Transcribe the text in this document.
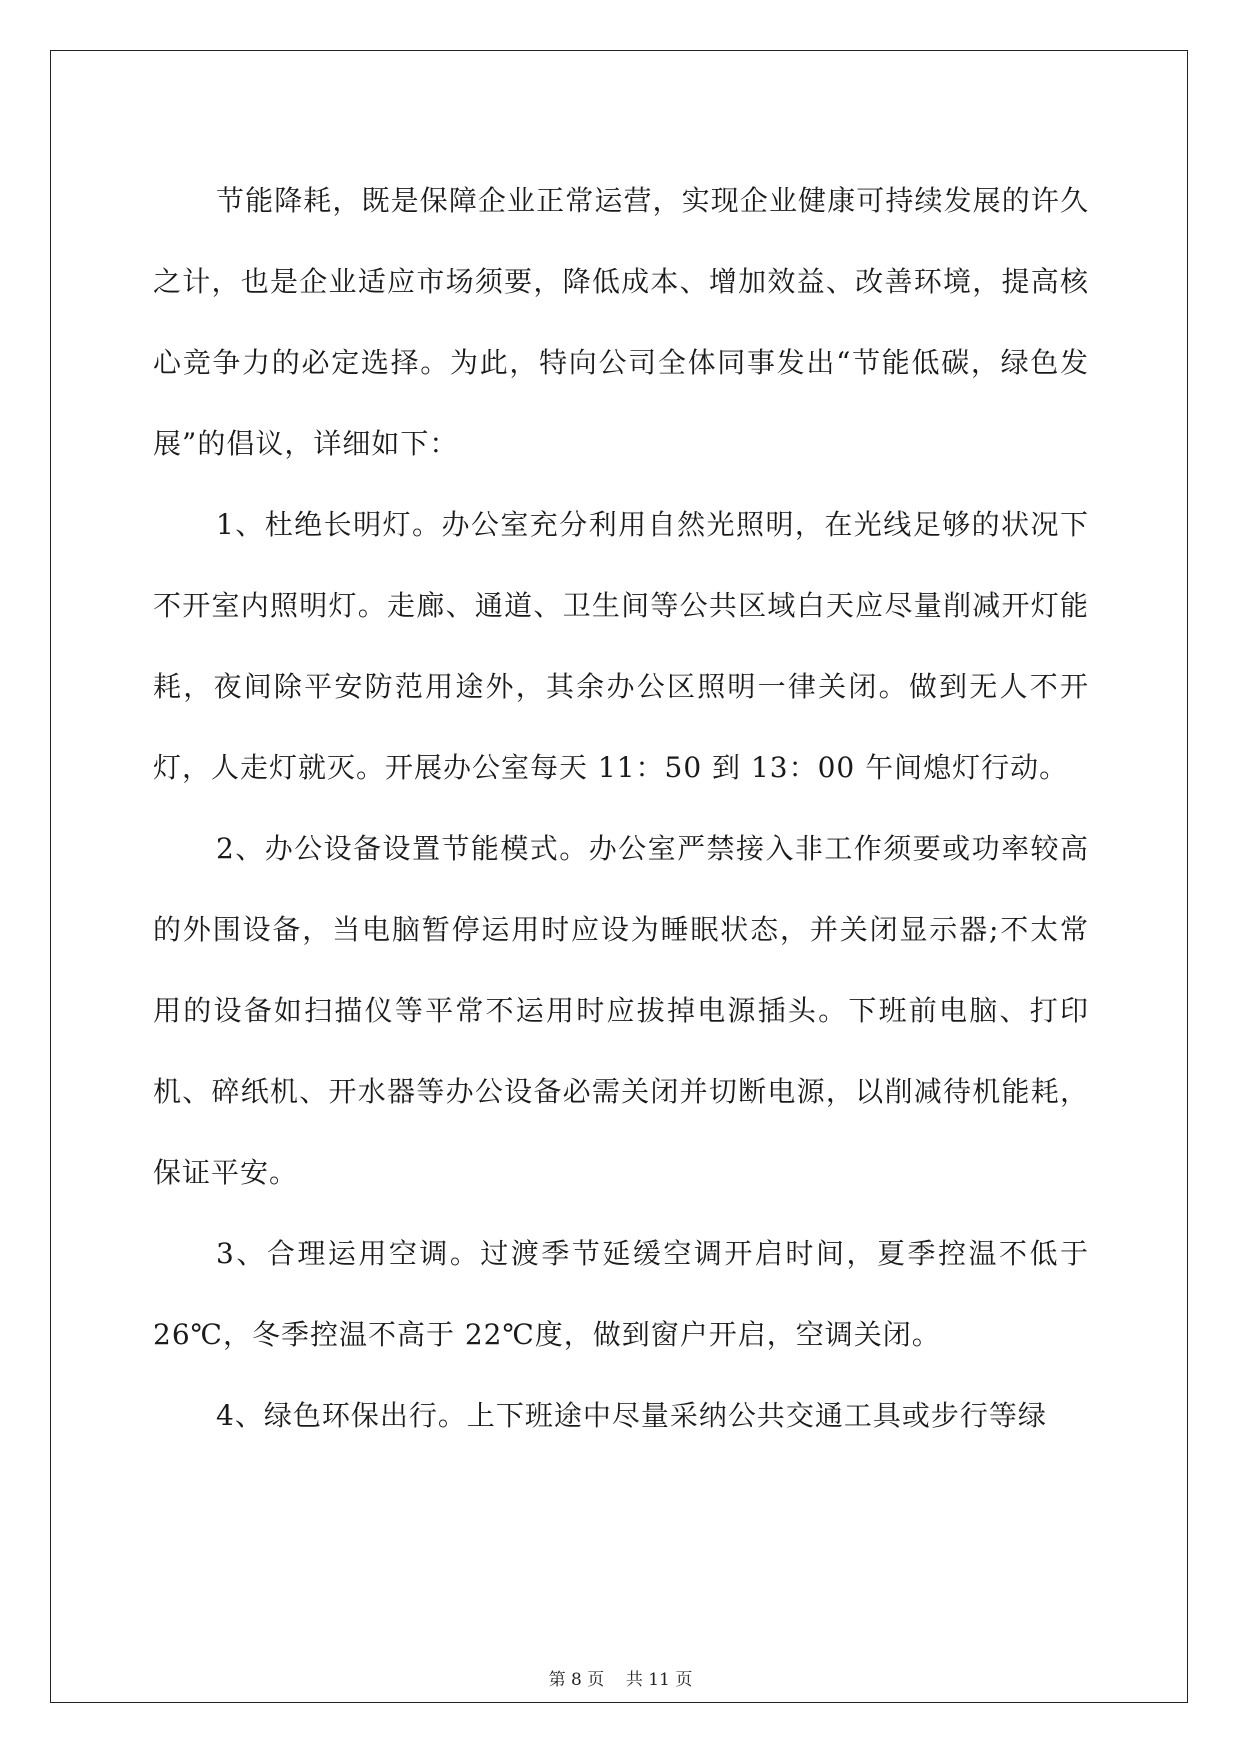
节能降耗，既是保障企业正常运营，实现企业健康可持续发展的许久之计，也是企业适应市场须要，降低成本、增加效益、改善环境，提高核心竞争力的必定选择。为此，特向公司全体同事发出“节能低碳，绿色发展”的倡议，详细如下：

1、杜绝长明灯。办公室充分利用自然光照明，在光线足够的状况下不开室内照明灯。走廊、通道、卫生间等公共区域白天应尽量削减开灯能耗，夜间除平安防范用途外，其余办公区照明一律关闭。做到无人不开灯，人走灯就灭。开展办公室每天 11：50 到 13：00 午间熄灯行动。

2、办公设备设置节能模式。办公室严禁接入非工作须要或功率较高的外围设备，当电脑暂停运用时应设为睡眠状态，并关闭显示器;不太常用的设备如扫描仪等平常不运用时应拔掉电源插头。下班前电脑、打印机、碎纸机、开水器等办公设备必需关闭并切断电源，以削减待机能耗，保证平安。

3、合理运用空调。过渡季节延缓空调开启时间，夏季控温不低于 26℃，冬季控温不高于 22℃度，做到窗户开启，空调关闭。

4、绿色环保出行。上下班途中尽量采纳公共交通工具或步行等绿

第 8 页    共 11 页
